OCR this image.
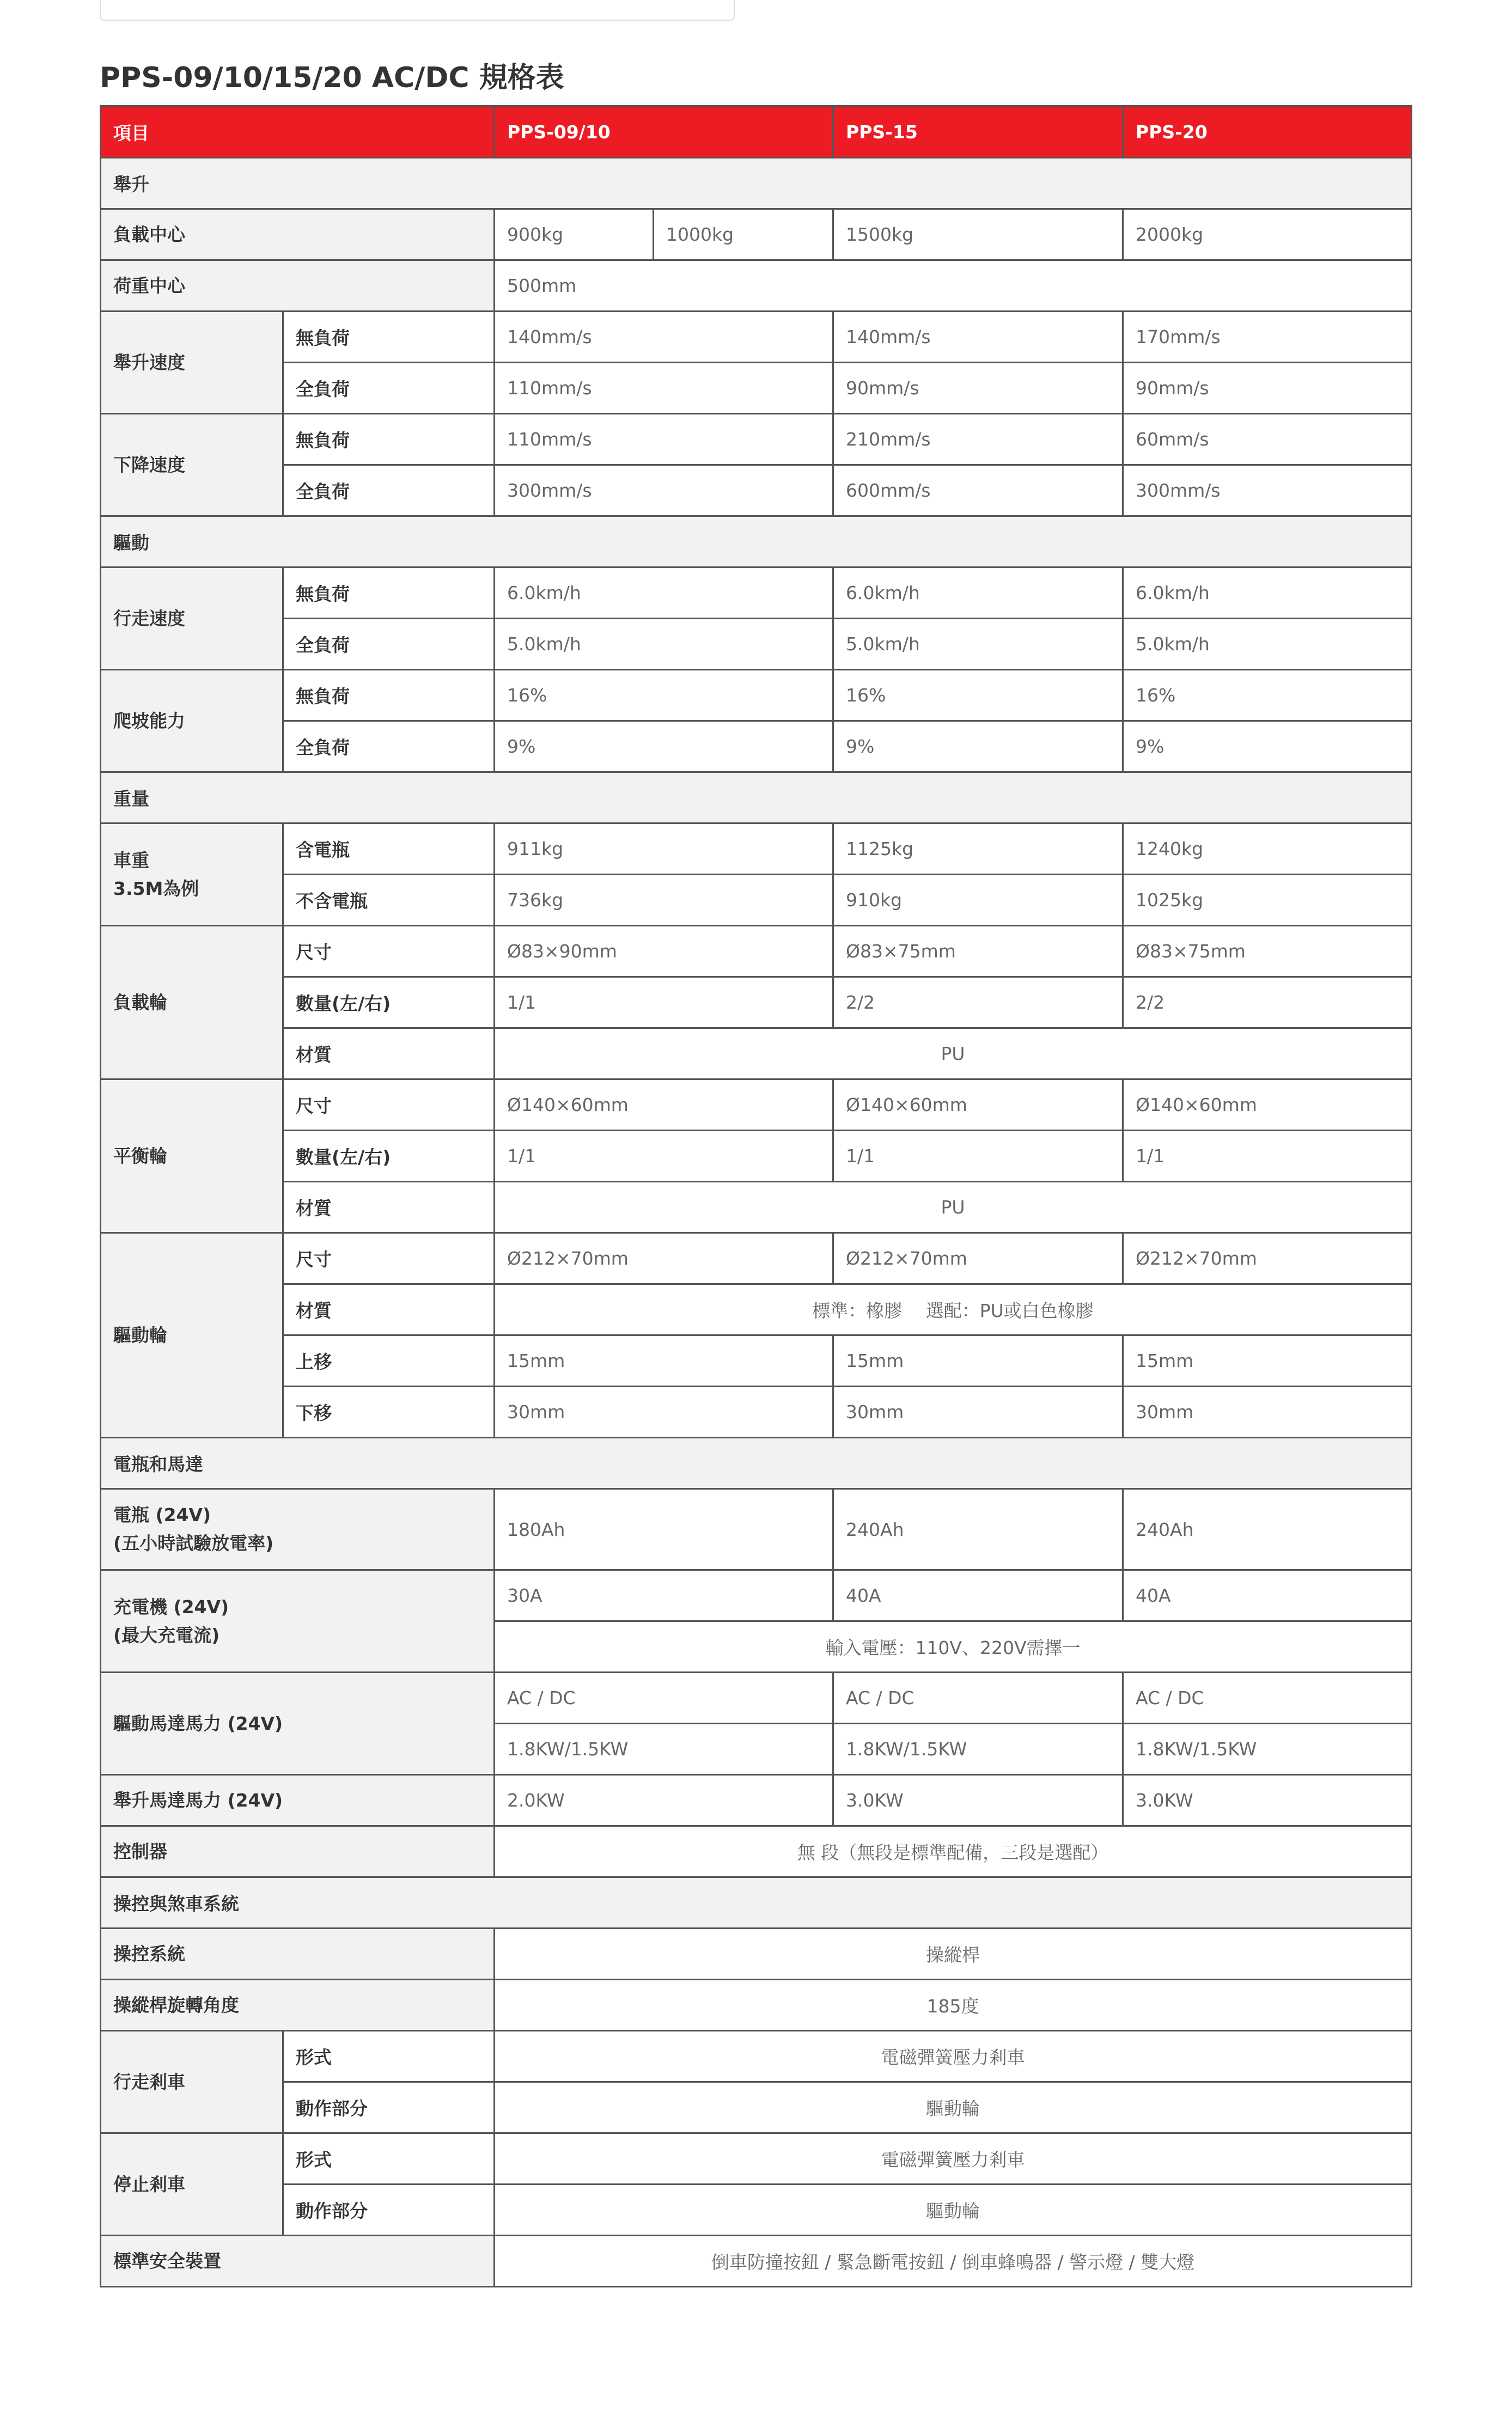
PPS-09/10/15/20 AC/DC 規格表
項目		PPS-09/10		PPS-15	PPS-20
舉升					
負載中心		900kg	1000kg	1500kg	2000kg
荷重中心		500mm			
舉升速度	無負荷	140mm/s		140mm/s	170mm/s
	全負荷	110mm/s		90mm/s	90mm/s
下降速度	無負荷	110mm/s		210mm/s	60mm/s
	全負荷	300mm/s		600mm/s	300mm/s
驅動					
行走速度	無負荷	6.0km/h		6.0km/h	6.0km/h
	全負荷	5.0km/h		5.0km/h	5.0km/h
爬坡能力	無負荷	16%		16%	16%
	全負荷	9%		9%	9%
重量					

車重
3.5M為例	含電瓶	911kg		1125kg	1240kg
	不含電瓶	736kg		910kg	1025kg
負載輪	尺寸	Ø83×90mm		Ø83×75mm	Ø83×75mm
	數量(左/右)	1/1		2/2	2/2
	材質	PU			
平衡輪	尺寸	Ø140×60mm		Ø140×60mm	Ø140×60mm
	數量(左/右)	1/1		1/1	1/1
	材質	PU			
驅動輪	尺寸	Ø212×70mm		Ø212×70mm	Ø212×70mm
	材質	標準：橡膠　 選配：PU或白色橡膠			
	上移	15mm		15mm	15mm
	下移	30mm		30mm	30mm
電瓶和馬達					

電瓶 (24V)
(五小時試驗放電率)		180Ah		240Ah	240Ah

充電機 (24V)
(最大充電流)		30A		40A	40A
		輸入電壓：110V、220V需擇一			
驅動馬達馬力 (24V)		AC / DC		AC / DC	AC / DC
		1.8KW/1.5KW		1.8KW/1.5KW	1.8KW/1.5KW
舉升馬達馬力 (24V)		2.0KW		3.0KW	3.0KW
控制器		無 段（無段是標準配備，三段是選配）			
操控與煞車系統					
操控系統		操縱桿			
操縱桿旋轉角度		185度			
行走剎車	形式	電磁彈簧壓力剎車			
	動作部分	驅動輪			
停止剎車	形式	電磁彈簧壓力剎車			
	動作部分	驅動輪			
標準安全裝置		倒車防撞按鈕 / 緊急斷電按鈕 / 倒車蜂鳴器 / 警示燈 / 雙大燈			
